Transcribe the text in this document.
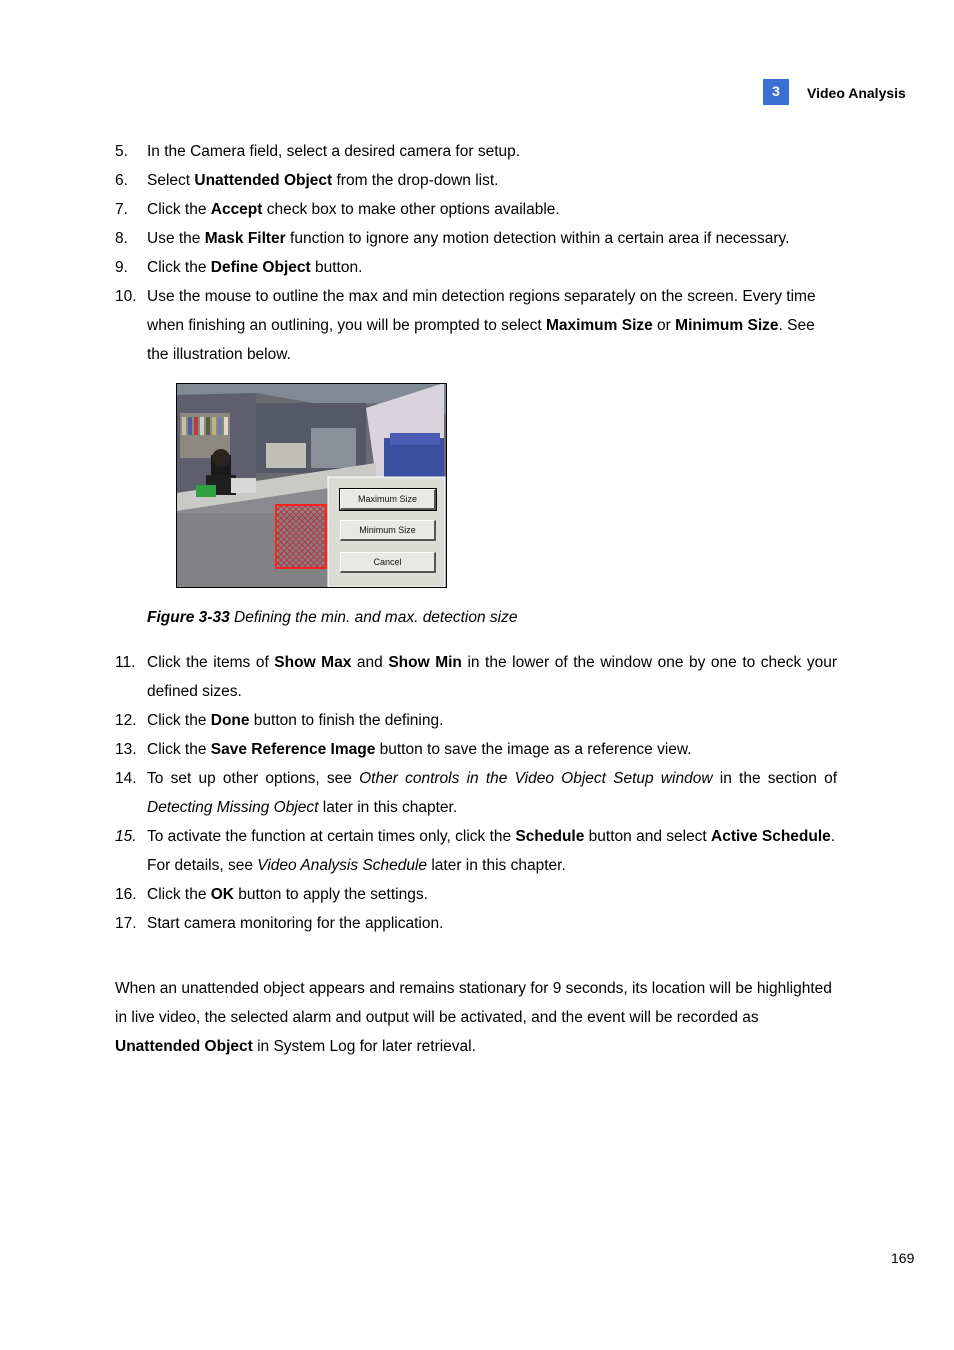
3	Video Analysis
5. In the Camera field, select a desired camera for setup.
6. Select Unattended Object from the drop-down list.
7. Click the Accept check box to make other options available.
8. Use the Mask Filter function to ignore any motion detection within a certain area if necessary.
9. Click the Define Object button.
10. Use the mouse to outline the max and min detection regions separately on the screen. Every time when finishing an outlining, you will be prompted to select Maximum Size or Minimum Size. See the illustration below.
Maximum Size
Minimum Size
Cancel
Figure 3-33 Defining the min. and max. detection size
11. Click the items of Show Max and Show Min in the lower of the window one by one to check your defined sizes.
12. Click the Done button to finish the defining.
13. Click the Save Reference Image button to save the image as a reference view.
14. To set up other options, see Other controls in the Video Object Setup window in the section of Detecting Missing Object later in this chapter.
15. To activate the function at certain times only, click the Schedule button and select Active Schedule. For details, see Video Analysis Schedule later in this chapter.
16. Click the OK button to apply the settings.
17. Start camera monitoring for the application.

When an unattended object appears and remains stationary for 9 seconds, its location will be highlighted in live video, the selected alarm and output will be activated, and the event will be recorded as Unattended Object in System Log for later retrieval.

169
